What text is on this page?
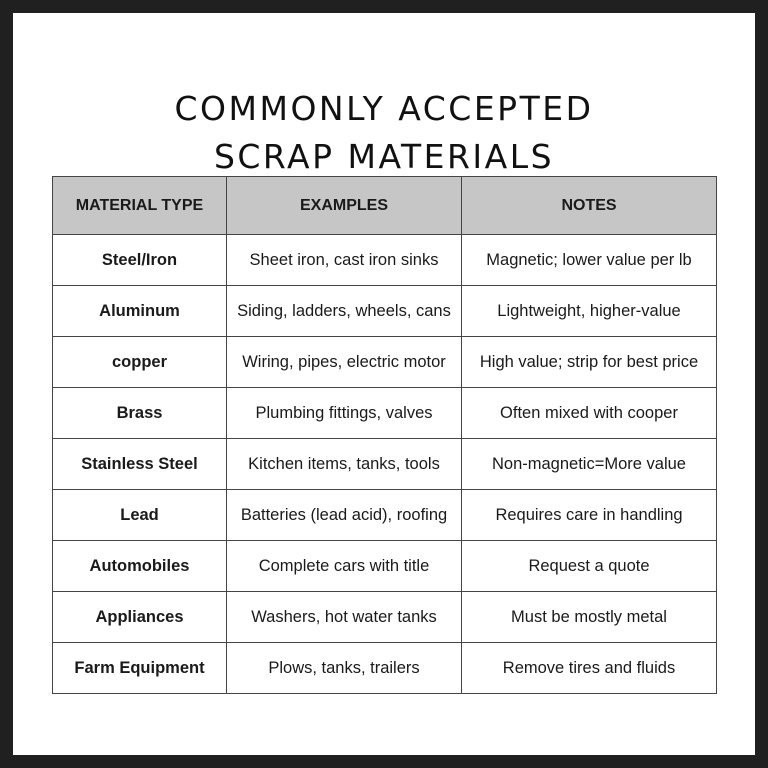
COMMONLY ACCEPTED
SCRAP MATERIALS
MATERIAL TYPE	EXAMPLES	NOTES
Steel/Iron	Sheet iron, cast iron sinks	Magnetic; lower value per lb
Aluminum	Siding, ladders, wheels, cans	Lightweight, higher-value
copper	Wiring, pipes, electric motor	High value; strip for best price
Brass	Plumbing fittings, valves	Often mixed with cooper
Stainless Steel	Kitchen items, tanks, tools	Non-magnetic=More value
Lead	Batteries (lead acid), roofing	Requires care in handling
Automobiles	Complete cars with title	Request a quote
Appliances	Washers, hot water tanks	Must be mostly metal
Farm Equipment	Plows, tanks, trailers	Remove tires and fluids
